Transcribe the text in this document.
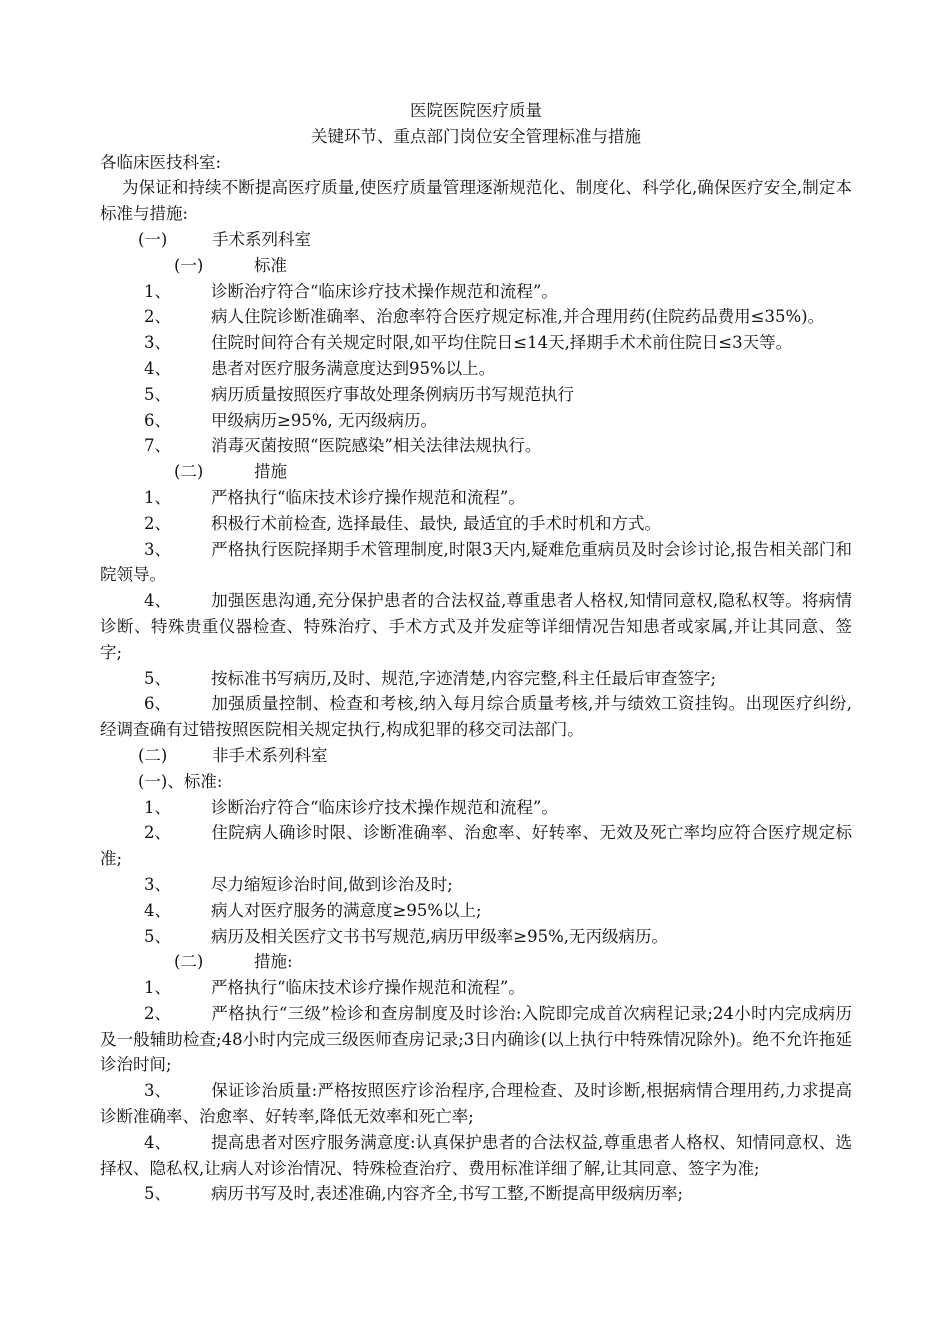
医院医院医疗质量
关键环节、重点部门岗位安全管理标准与措施
各临床医技科室:
为保证和持续不断提高医疗质量,使医疗质量管理逐渐规范化、制度化、科学化,确保医疗安全,制定本标准与措施:
(一)	手术系列科室
(一)	标准
1、 诊断治疗符合“临床诊疗技术操作规范和流程”。
2、 病人住院诊断准确率、治愈率符合医疗规定标准,并合理用药(住院药品费用≤35%)。
3、 住院时间符合有关规定时限,如平均住院日≤14天,择期手术术前住院日≤3天等。
4、 患者对医疗服务满意度达到95%以上。
5、 病历质量按照医疗事故处理条例病历书写规范执行
6、 甲级病历≥95%, 无丙级病历。
7、 消毒灭菌按照“医院感染”相关法律法规执行。
(二)	措施
1、 严格执行“临床技术诊疗操作规范和流程”。
2、 积极行术前检查, 选择最佳、最快, 最适宜的手术时机和方式。
3、 严格执行医院择期手术管理制度,时限3天内,疑难危重病员及时会诊讨论,报告相关部门和院领导。
4、 加强医患沟通,充分保护患者的合法权益,尊重患者人格权,知情同意权,隐私权等。将病情诊断、特殊贵重仪器检查、特殊治疗、手术方式及并发症等详细情况告知患者或家属,并让其同意、签字;
5、 按标准书写病历,及时、规范,字迹清楚,内容完整,科主任最后审查签字;
6、 加强质量控制、检查和考核,纳入每月综合质量考核,并与绩效工资挂钩。出现医疗纠纷,经调查确有过错按照医院相关规定执行,构成犯罪的移交司法部门。
(二)	非手术系列科室
(一)、标准:
1、 诊断治疗符合“临床诊疗技术操作规范和流程”。
2、 住院病人确诊时限、诊断准确率、治愈率、好转率、无效及死亡率均应符合医疗规定标准;
3、 尽力缩短诊治时间,做到诊治及时;
4、 病人对医疗服务的满意度≥95%以上;
5、 病历及相关医疗文书书写规范,病历甲级率≥95%,无丙级病历。
(二)	措施:
1、 严格执行“临床技术诊疗操作规范和流程”。
2、 严格执行“三级”检诊和查房制度及时诊治:入院即完成首次病程记录;24小时内完成病历及一般辅助检查;48小时内完成三级医师查房记录;3日内确诊(以上执行中特殊情况除外)。绝不允许拖延诊治时间;
3、 保证诊治质量:严格按照医疗诊治程序,合理检查、及时诊断,根据病情合理用药,力求提高诊断准确率、治愈率、好转率,降低无效率和死亡率;
4、 提高患者对医疗服务满意度:认真保护患者的合法权益,尊重患者人格权、知情同意权、选择权、隐私权,让病人对诊治情况、特殊检查治疗、费用标准详细了解,让其同意、签字为准;
5、 病历书写及时,表述准确,内容齐全,书写工整,不断提高甲级病历率;
